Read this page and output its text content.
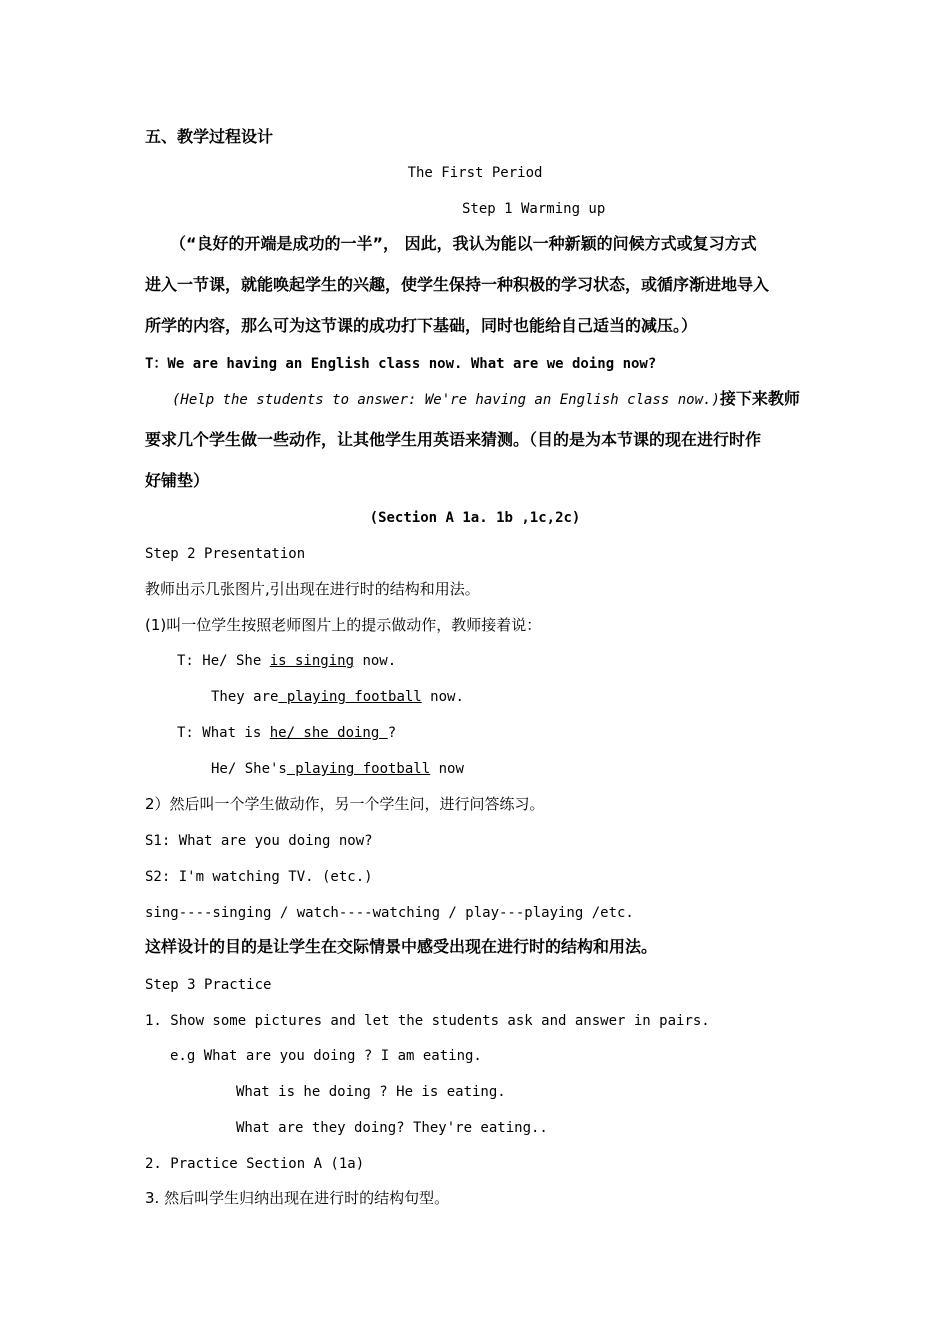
五、教学过程设计
The First Period
Step 1 Warming up
（“良好的开端是成功的一半”， 因此，我认为能以一种新颖的问候方式或复习方式
进入一节课，就能唤起学生的兴趣，使学生保持一种积极的学习状态，或循序渐进地导入
所学的内容，那么可为这节课的成功打下基础，同时也能给自己适当的减压。）
T：We are having an English class now. What are we doing now?
(Help the students to answer: We're having an English class now.)接下来教师
要求几个学生做一些动作，让其他学生用英语来猜测。（目的是为本节课的现在进行时作
好铺垫）
(Section A 1a. 1b ,1c,2c)
Step 2 Presentation
教师出示几张图片,引出现在进行时的结构和用法。
(1)叫一位学生按照老师图片上的提示做动作，教师接着说：
T: He/ She is singing now.
They are playing football now.
T: What is he/ she doing ?
He/ She's playing football now
2）然后叫一个学生做动作，另一个学生问，进行问答练习。
S1: What are you doing now?
S2: I'm watching TV. (etc.)
sing----singing / watch----watching / play---playing /etc.
这样设计的目的是让学生在交际情景中感受出现在进行时的结构和用法。
Step 3 Practice
1. Show some pictures and let the students ask and answer in pairs.
e.g What are you doing ? I am eating.
What is he doing ? He is eating.
What are they doing? They're eating..
2. Practice Section A (1a)
3. 然后叫学生归纳出现在进行时的结构句型。
